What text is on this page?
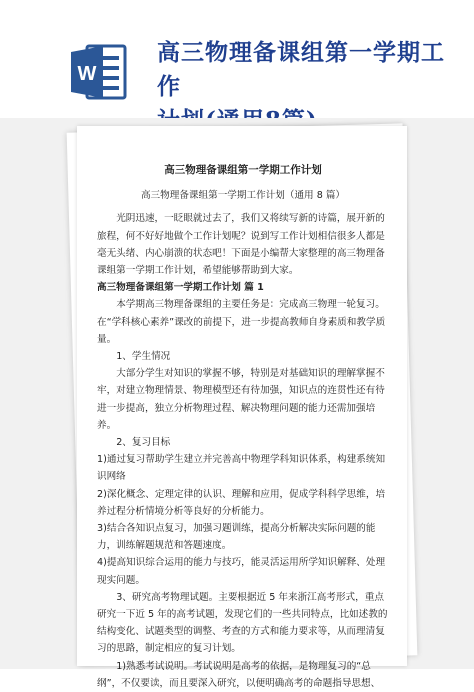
W
高三物理备课组第一学期工作

高三物理备课组第一学期工作计划

高三物理备课组第一学期工作计划（通用 8 篇）

光阴迅速，一眨眼就过去了，我们又将续写新的诗篇，展开新的旅程，何不好好地做个工作计划呢？说到写工作计划相信很多人都是毫无头绪、内心崩溃的状态吧！下面是小编帮大家整理的高三物理备课组第一学期工作计划，希望能够帮助到大家。

高三物理备课组第一学期工作计划 篇 1

本学期高三物理备课组的主要任务是：完成高三物理一轮复习。在“学科核心素养”课改的前提下，进一步提高教师自身素质和教学质量。

1、学生情况

大部分学生对知识的掌握不够，特别是对基础知识的理解掌握不牢，对建立物理情景、物理模型还有待加强，知识点的连贯性还有待进一步提高，独立分析物理过程、解决物理问题的能力还需加强培养。

2、复习目标

1)通过复习帮助学生建立并完善高中物理学科知识体系，构建系统知识网络

2)深化概念、定理定律的认识、理解和应用，促成学科科学思维，培养过程分析情境分析等良好的分析能力。

3)结合各知识点复习，加强习题训练，提高分析解决实际问题的能力，训练解题规范和答题速度。

4)提高知识综合运用的能力与技巧，能灵活运用所学知识解释、处理现实问题。

3、研究高考物理试题。主要根据近 5 年来浙江高考形式，重点研究一下近 5 年的高考试题，发现它们的一些共同特点，比如述教的结构变化、试题类型的调整、考查的方式和能力要求等，从而理清复习的思路，制定相应的复习计划。

1)熟悉考试说明。考试说明是高考的依据，是物理复习的“总纲”，不仅要读，而且要深入研究，以便明确高考的命题指导思想、
